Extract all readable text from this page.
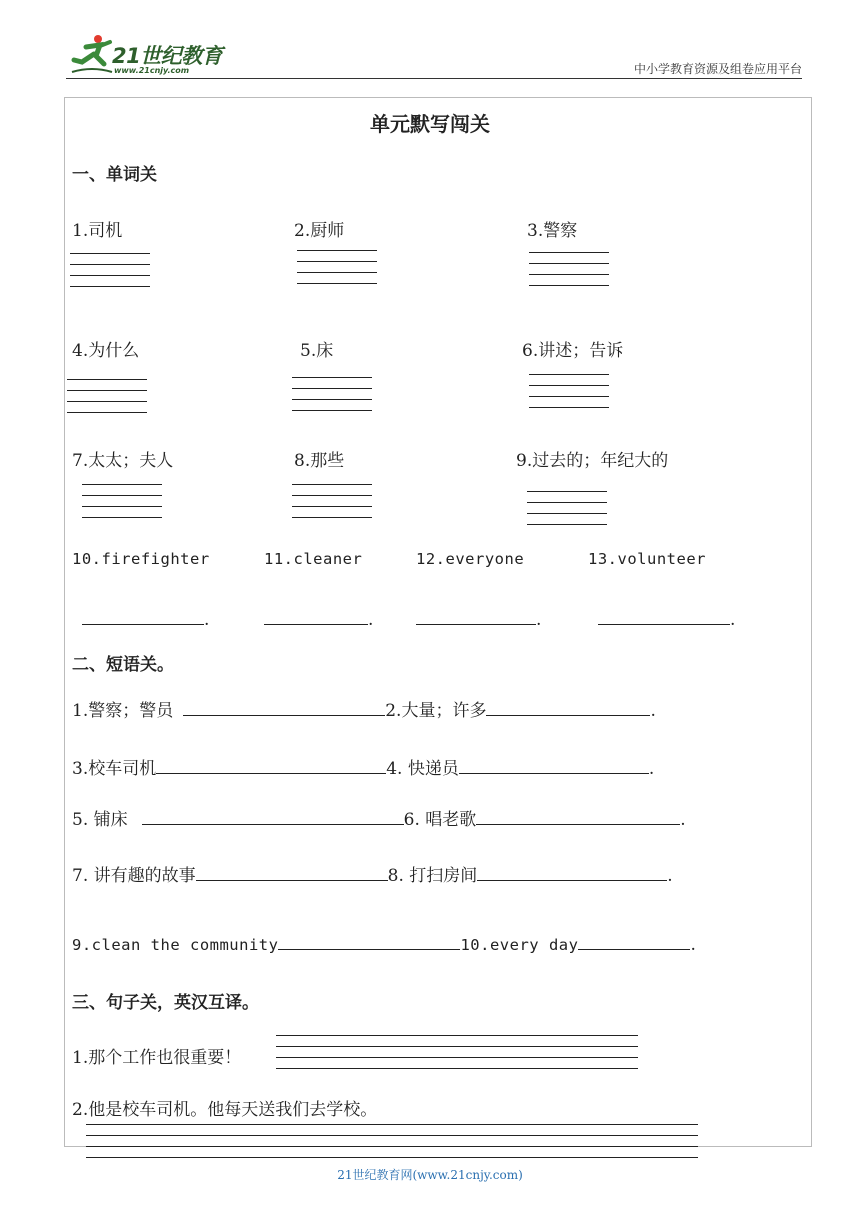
21世纪教育
www.21cnjy.com	中小学教育资源及组卷应用平台
单元默写闯关
一、单词关
1.司机	2.厨师	3.警察
4.为什么	5.床	6.讲述；告诉
7.太太；夫人	8.那些	9.过去的；年纪大的
10.firefighter	11.cleaner	12.everyone	13.volunteer
.	.	.	.
二、短语关。
1.警察；警员	2.大量；许多	.
3.校车司机	4. 快递员	.
5. 铺床	6. 唱老歌	.
7. 讲有趣的故事	8. 打扫房间	.
9.clean the community	10.every day	.
三、句子关，英汉互译。
1.那个工作也很重要！
2.他是校车司机。他每天送我们去学校。
21世纪教育网(www.21cnjy.com)
